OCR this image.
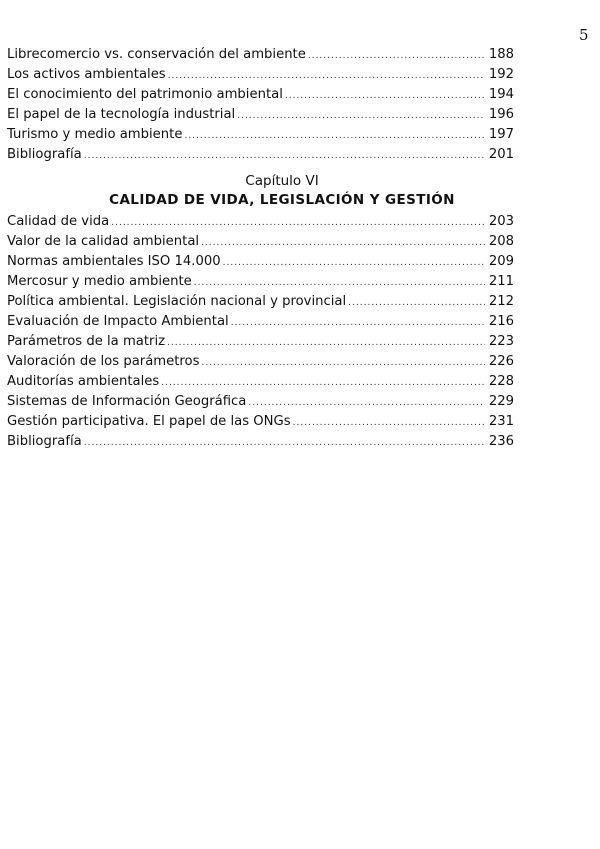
5
Librecomercio vs. conservación del ambiente .....	188
Los activos ambientales .....	192
El conocimiento del patrimonio ambiental .....	194
El papel de la tecnología industrial .....	196
Turismo y medio ambiente .....	197
Bibliografía .....	201
Capítulo VI
CALIDAD DE VIDA, LEGISLACIÓN Y GESTIÓN
Calidad de vida .....	203
Valor de la calidad ambiental .....	208
Normas ambientales ISO 14.000 .....	209
Mercosur y medio ambiente .....	211
Política ambiental. Legislación nacional y provincial .....	212
Evaluación de Impacto Ambiental .....	216
Parámetros de la matriz .....	223
Valoración de los parámetros .....	226
Auditorías ambientales .....	228
Sistemas de Información Geográfica .....	229
Gestión participativa. El papel de las ONGs .....	231
Bibliografía .....	236
